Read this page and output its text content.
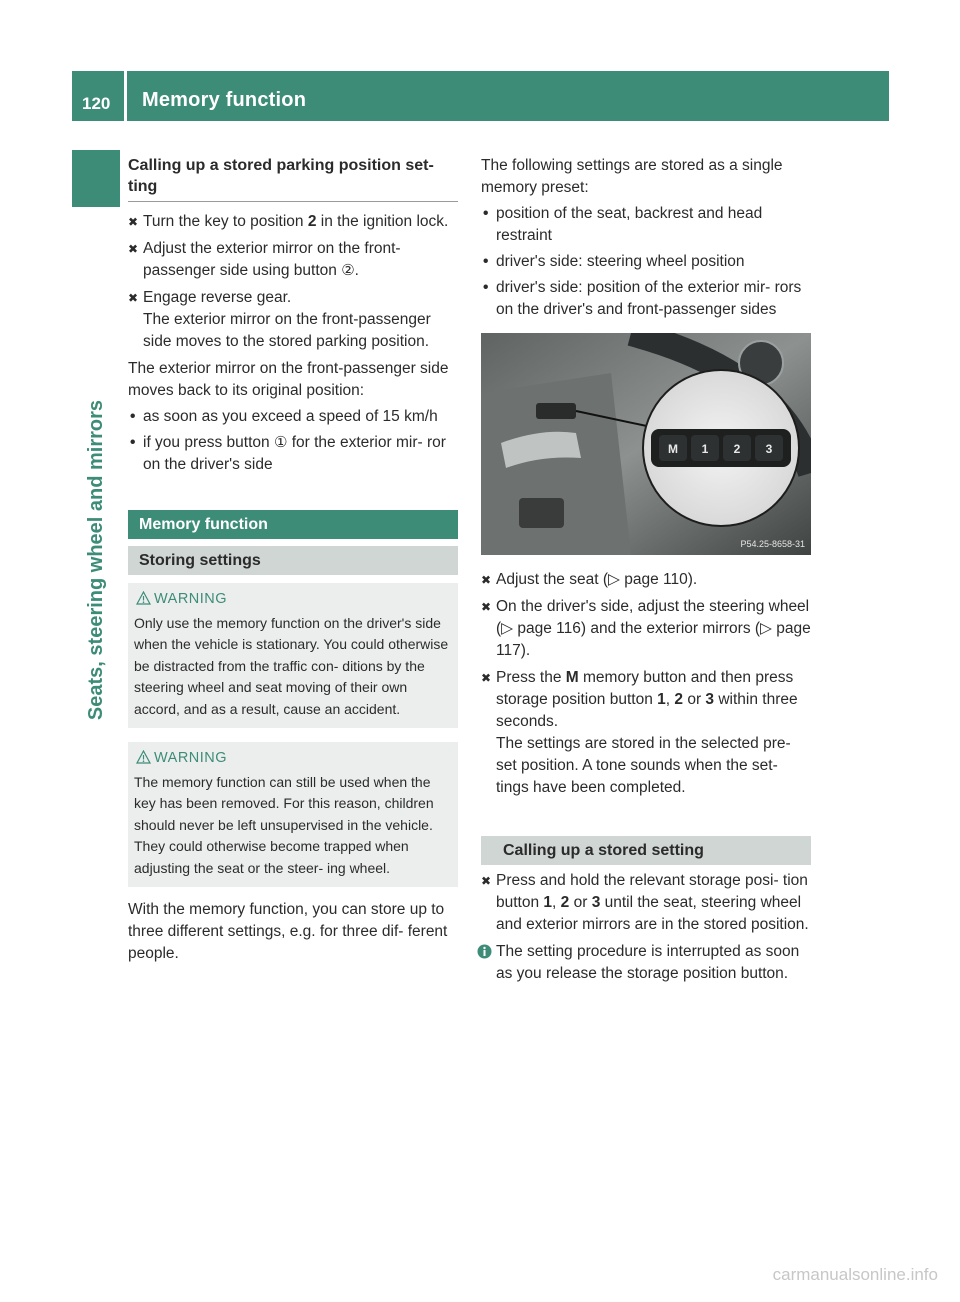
120 Memory function
Seats, steering wheel and mirrors
Calling up a stored parking position set- ting
✖ Turn the key to position 2 in the ignition lock.
✖ Adjust the exterior mirror on the front- passenger side using button ②.
✖ Engage reverse gear.
The exterior mirror on the front-passenger side moves to the stored parking position.

The exterior mirror on the front-passenger side moves back to its original position:

• as soon as you exceed a speed of 15 km/h
• if you press button ① for the exterior mir- ror on the driver's side
Memory function
Storing settings
WARNING
Only use the memory function on the driver's side when the vehicle is stationary. You could otherwise be distracted from the traffic con- ditions by the steering wheel and seat moving of their own accord, and as a result, cause an accident.
WARNING
The memory function can still be used when the key has been removed. For this reason, children should never be left unsupervised in the vehicle. They could otherwise become trapped when adjusting the seat or the steer- ing wheel.

With the memory function, you can store up to three different settings, e.g. for three dif- ferent people.

The following settings are stored as a single memory preset:

• position of the seat, backrest and head restraint
• driver's side: steering wheel position
• driver's side: position of the exterior mir- rors on the driver's and front-passenger sides
M 1 2 3
P54.25-8658-31
✖ Adjust the seat (▷ page 110).
✖ On the driver's side, adjust the steering wheel (▷ page 116) and the exterior mirrors (▷ page 117).
✖ Press the M memory button and then press storage position button 1, 2 or 3 within three seconds.
The settings are stored in the selected pre- set position. A tone sounds when the set- tings have been completed.
Calling up a stored setting
✖ Press and hold the relevant storage posi- tion button 1, 2 or 3 until the seat, steering wheel and exterior mirrors are in the stored position.
The setting procedure is interrupted as soon as you release the storage position button.
carmanualsonline.info
